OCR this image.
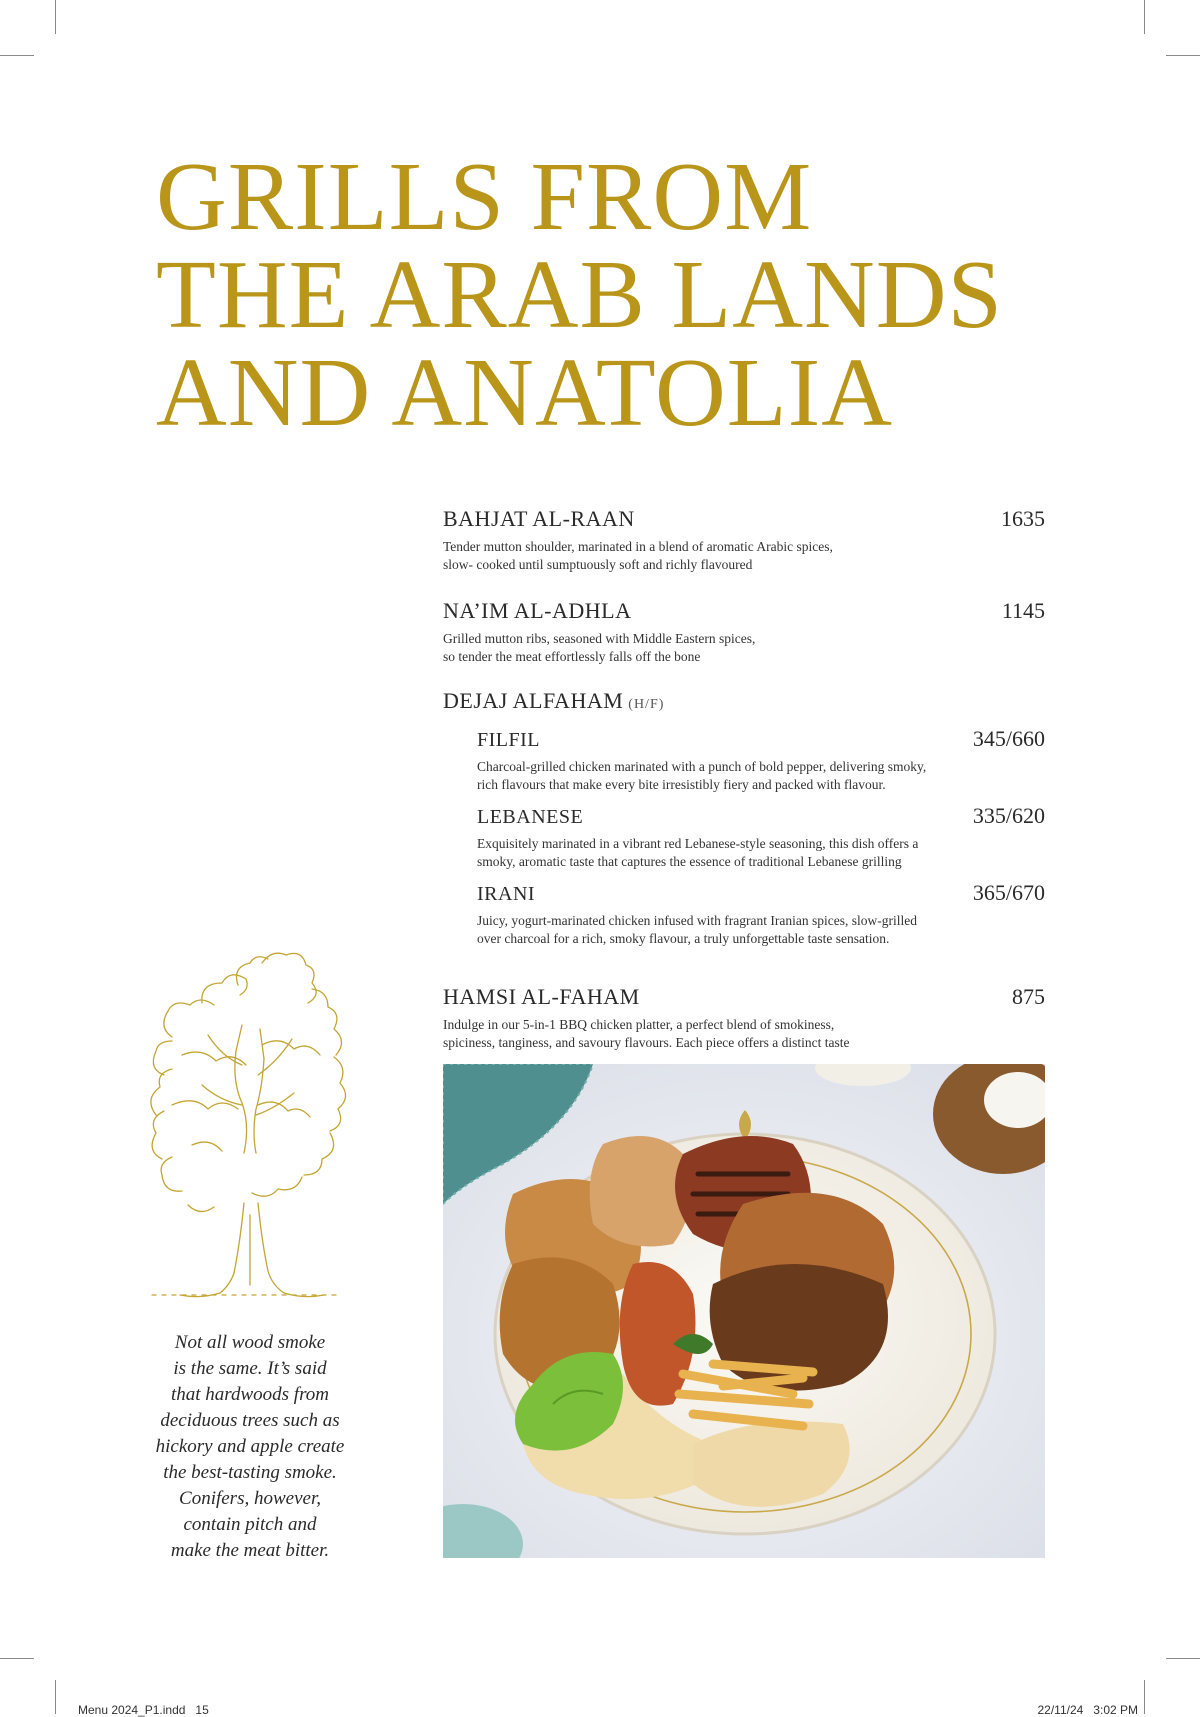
GRILLS FROM
THE ARAB LANDS
AND ANATOLIA
BAHJAT AL-RAAN	1635
Tender mutton shoulder, marinated in a blend of aromatic Arabic spices,
slow- cooked until sumptuously soft and richly flavoured
NA’IM AL-ADHLA	1145
Grilled mutton ribs, seasoned with Middle Eastern spices,
so tender the meat effortlessly falls off the bone
DEJAJ ALFAHAM (H/F)
FILFIL	345/660
Charcoal-grilled chicken marinated with a punch of bold pepper, delivering smoky,
rich flavours that make every bite irresistibly fiery and packed with flavour.
LEBANESE	335/620
Exquisitely marinated in a vibrant red Lebanese-style seasoning, this dish offers a
smoky, aromatic taste that captures the essence of traditional Lebanese grilling
IRANI	365/670
Juicy, yogurt-marinated chicken infused with fragrant Iranian spices, slow-grilled
over charcoal for a rich, smoky flavour, a truly unforgettable taste sensation.
HAMSI AL-FAHAM	875
Indulge in our 5-in-1 BBQ chicken platter, a perfect blend of smokiness,
spiciness, tanginess, and savoury flavours. Each piece offers a distinct taste
Not all wood smoke
is the same. It’s said
that hardwoods from
deciduous trees such as
hickory and apple create
the best-tasting smoke.
Conifers, however,
contain pitch and
make the meat bitter.
Menu 2024_P1.indd   15	22/11/24   3:02 PM
